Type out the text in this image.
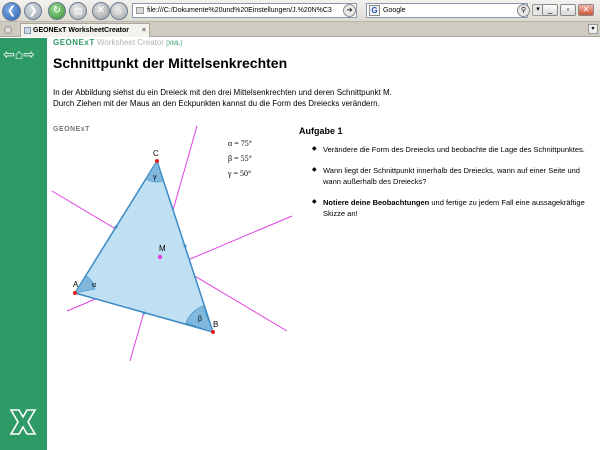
❮	❯	↻	▤	✕	⌂	file:///C:/Dokumente%20und%20Einstellungen/J.%20N%C3	➔	G Google	⚲	▾	_	▫	✕
GEONExT WorksheetCreator ×	▾
⇦⌂⇨
GEONExT Worksheet Creator [XML]
Schnittpunkt der Mittelsenkrechten
In der Abbildung siehst du ein Dreieck mit den drei Mittelsenkrechten und deren Schnittpunkt M.
Durch Ziehen mit der Maus an den Eckpunkten kannst du die Form des Dreiecks verändern.
GEONExT	Aufgabe 1
◆ Verändere die Form des Dreiecks und beobachte die Lage des Schnittpunktes.
◆ Wann liegt der Schnittpunkt innerhalb des Dreiecks, wann auf einer Seite und wann außerhalb des Dreiecks?
◆ Notiere deine Beobachtungen und fertige zu jedem Fall eine aussagekräftige Skizze an!
A
B
C
M
α
β
γ
α = 75°
β = 55°
γ = 50°
